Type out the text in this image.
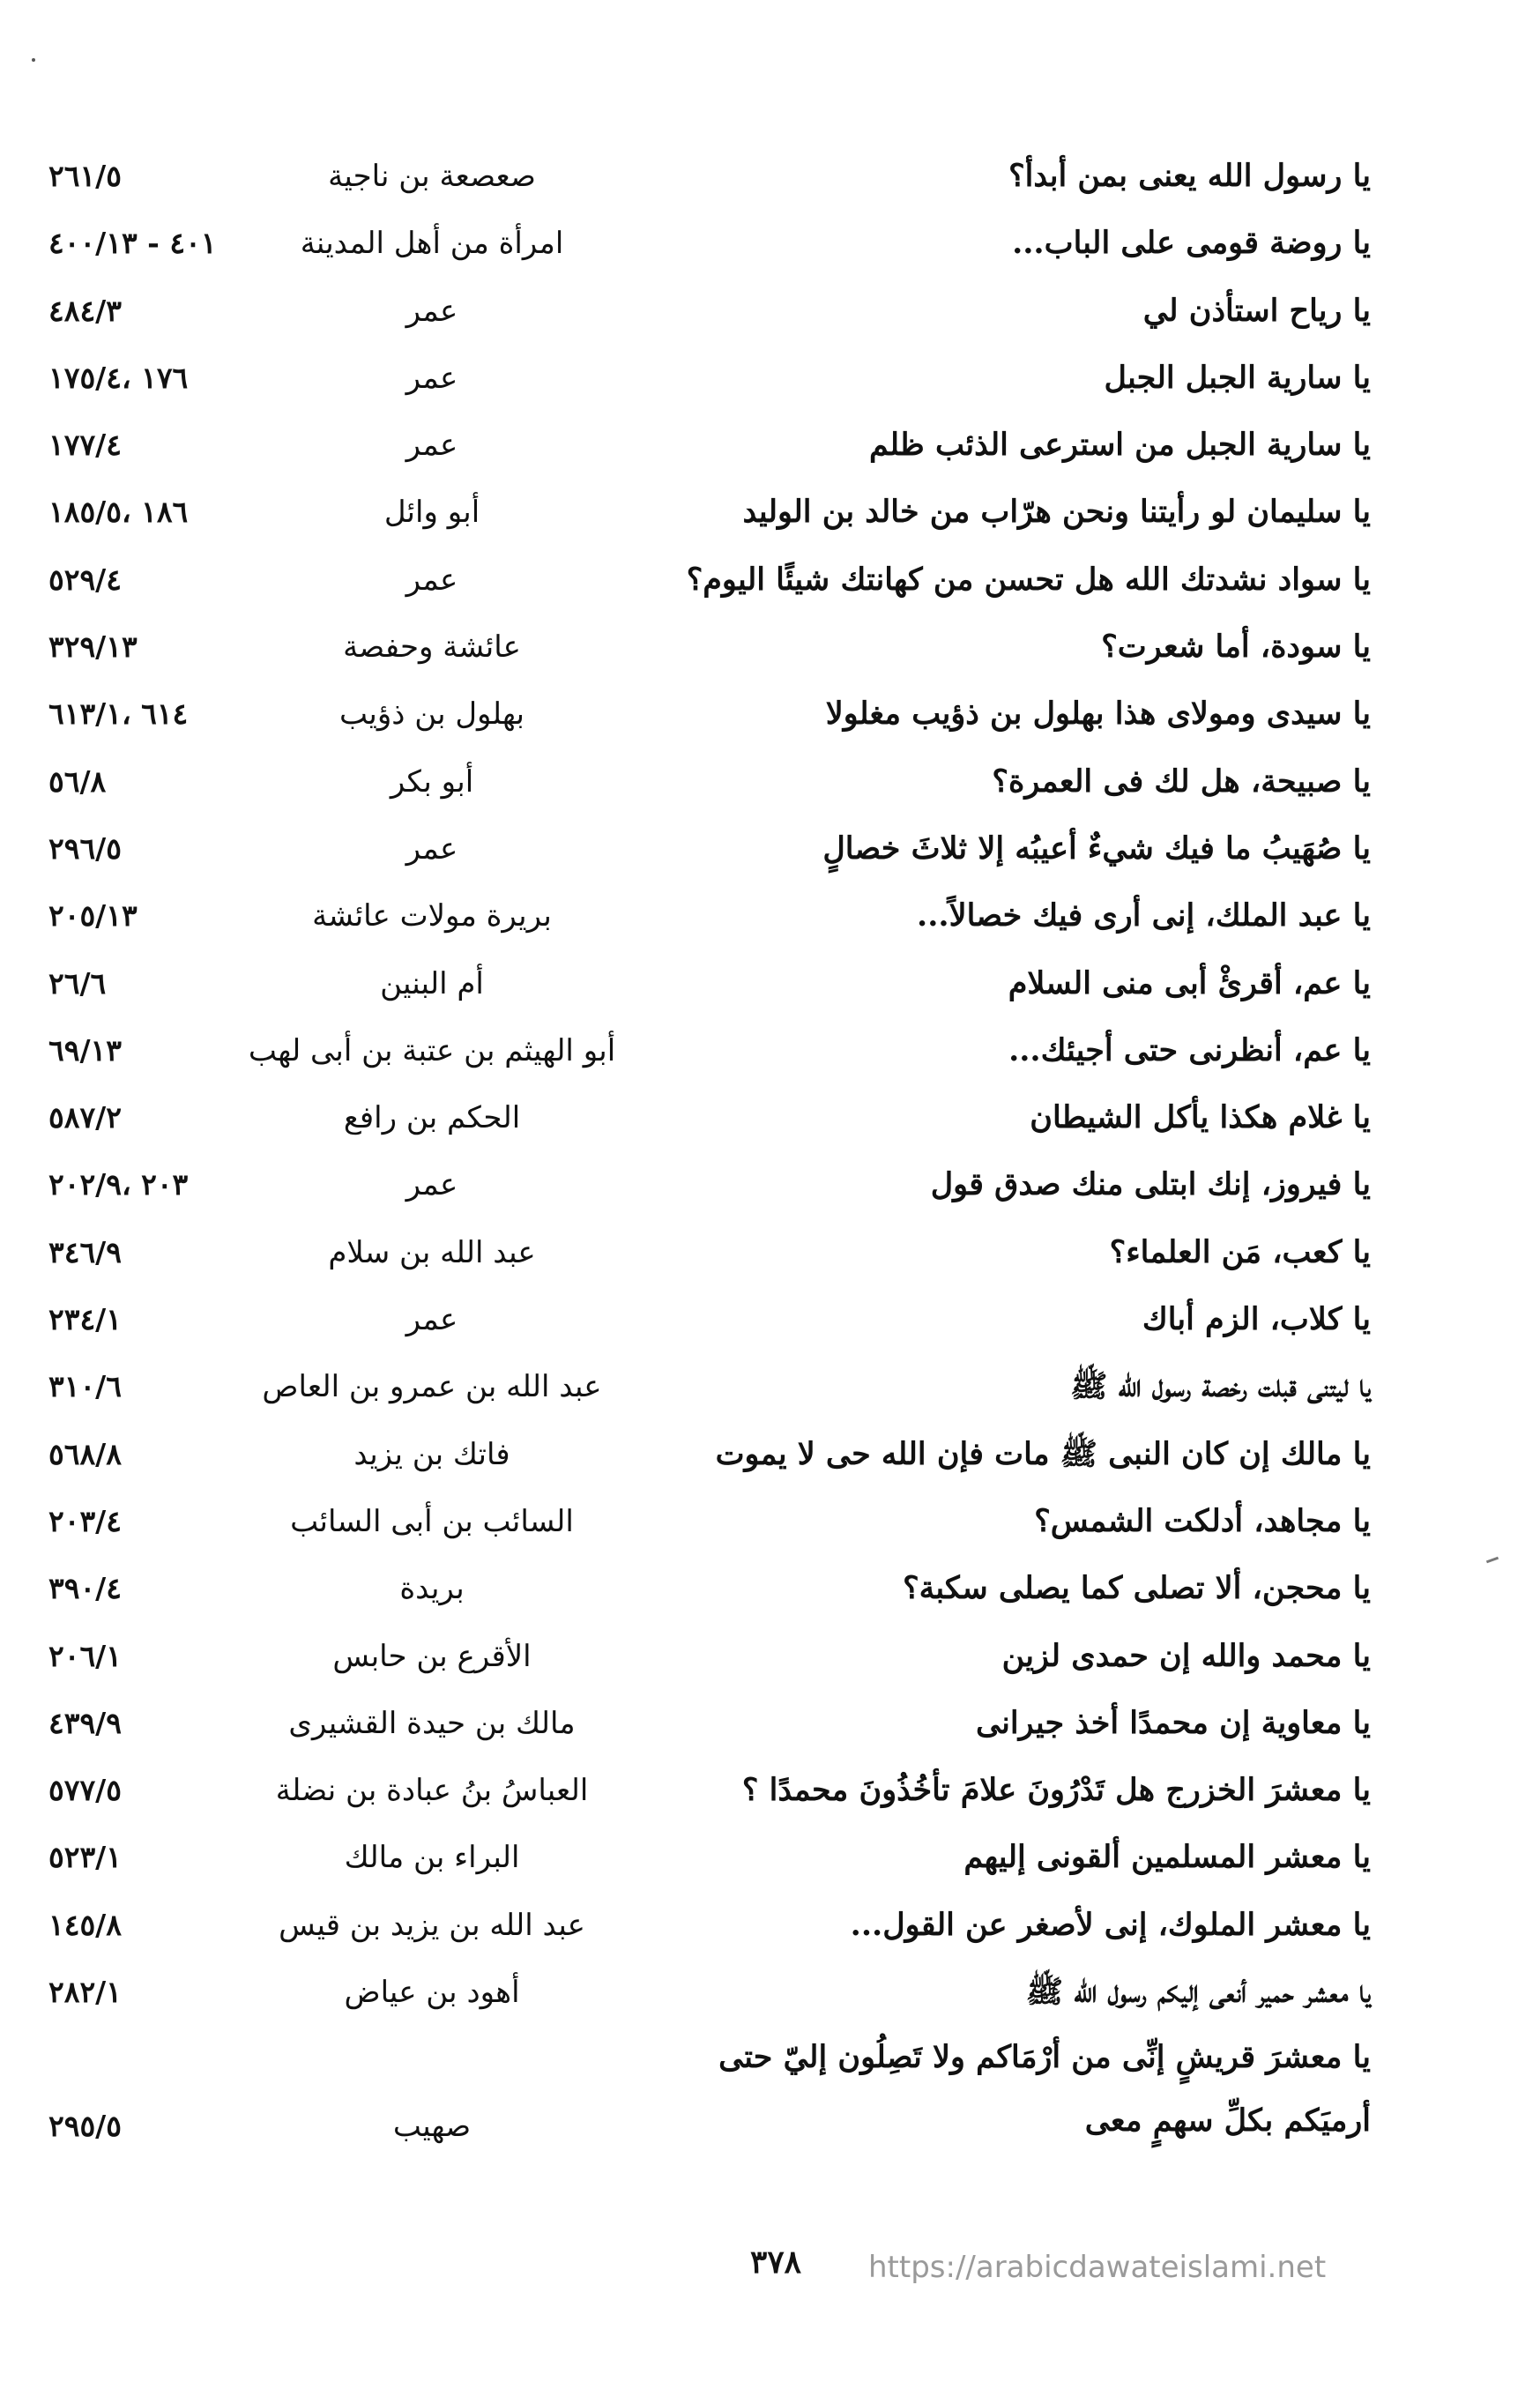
يا رسول الله يعنى بمن أبدأ؟
صعصعة بن ناجية
٢٦١/٥
يا روضة قومى على الباب...
امرأة من أهل المدينة
٤٠١ - ٤٠٠/١٣
يا رياح استأذن لي
عمر
٤٨٤/٣
يا سارية الجبل الجبل
عمر
١٧٦ ،١٧٥/٤
يا سارية الجبل من استرعى الذئب ظلم
عمر
١٧٧/٤
يا سليمان لو رأيتنا ونحن هرّاب من خالد بن الوليد
أبو وائل
١٨٦ ،١٨٥/٥
يا سواد نشدتك الله هل تحسن من كهانتك شيئًا اليوم؟
عمر
٥٢٩/٤
يا سودة، أما شعرت؟
عائشة وحفصة
٣٢٩/١٣
يا سيدى ومولاى هذا بهلول بن ذؤيب مغلولا
بهلول بن ذؤيب
٦١٤ ،٦١٣/١
يا صبيحة، هل لك فى العمرة؟
أبو بكر
٥٦/٨
يا صُهَيبُ ما فيك شيءٌ أعيبُه إلا ثلاثَ خصالٍ
عمر
٢٩٦/٥
يا عبد الملك، إنى أرى فيك خصالاً...
بريرة مولات عائشة
٢٠٥/١٣
يا عم، أقرئْ أبى منى السلام
أم البنين
٢٦/٦
يا عم، أنظرنى حتى أجيئك...
أبو الهيثم بن عتبة بن أبى لهب
٦٩/١٣
يا غلام هكذا يأكل الشيطان
الحكم بن رافع
٥٨٧/٢
يا فيروز، إنك ابتلى منك صدق قول
عمر
٢٠٣ ،٢٠٢/٩
يا كعب، مَن العلماء؟
عبد الله بن سلام
٣٤٦/٩
يا كلاب، الزم أباك
عمر
٢٣٤/١
يا ليتنى قبلت رخصة رسول الله ﷺ
عبد الله بن عمرو بن العاص
٣١٠/٦
يا مالك إن كان النبى ﷺ مات فإن الله حى لا يموت
فاتك بن يزيد
٥٦٨/٨
يا مجاهد، أدلكت الشمس؟
السائب بن أبى السائب
٢٠٣/٤
يا محجن، ألا تصلى كما يصلى سكبة؟
بريدة
٣٩٠/٤
يا محمد والله إن حمدى لزين
الأقرع بن حابس
٢٠٦/١
يا معاوية إن محمدًا أخذ جيرانى
مالك بن حيدة القشيرى
٤٣٩/٩
يا معشرَ الخزرج هل تَدْرُونَ علامَ تأخُذُونَ محمدًا ؟
العباسُ بنُ عبادة بن نضلة
٥٧٧/٥
يا معشر المسلمين ألقونى إليهم
البراء بن مالك
٥٢٣/١
يا معشر الملوك، إنى لأصغر عن القول...
عبد الله بن يزيد بن قيس
١٤٥/٨
يا معشر حمير أنعى إليكم رسول الله ﷺ
أهود بن عياض
٢٨٢/١
يا معشرَ قريشٍ إنِّى من أرْمَاكم ولا تَصِلُون إليّ حتى أرميَكم بكلِّ سهمٍ معى
صهيب
٢٩٥/٥
٣٧٨	https://arabicdawateislami.net
